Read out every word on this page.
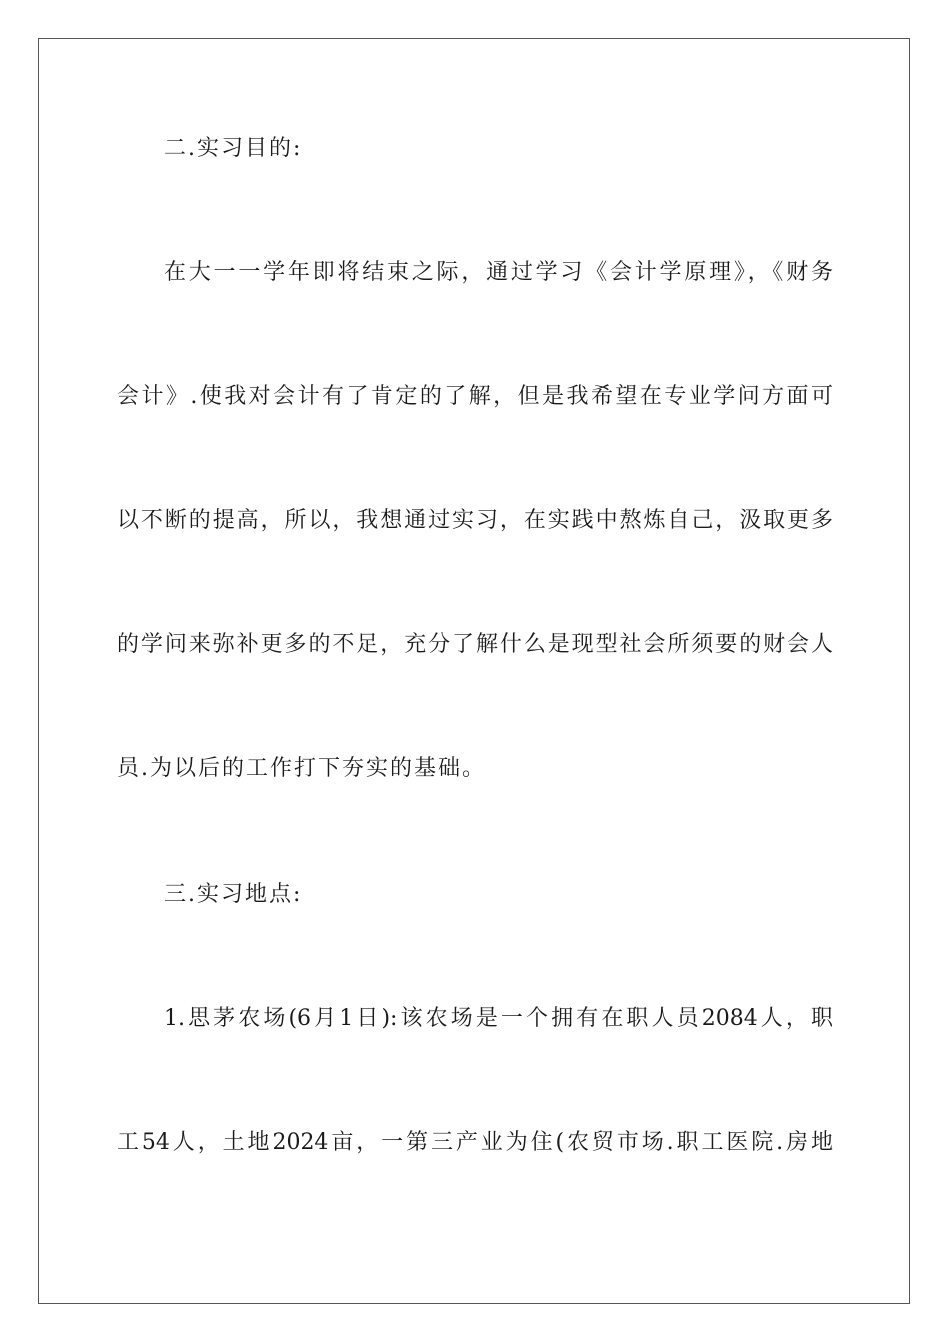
二.实习目的:
在大一一学年即将结束之际，通过学习《会计学原理》，《财务
会计》.使我对会计有了肯定的了解，但是我希望在专业学问方面可
以不断的提高，所以，我想通过实习，在实践中熬炼自己，汲取更多
的学问来弥补更多的不足，充分了解什么是现型社会所须要的财会人
员.为以后的工作打下夯实的基础。
三.实习地点:
1.思茅农场(6月1日):该农场是一个拥有在职人员2084人，职
工54人，土地2024亩，一第三产业为住(农贸市场.职工医院.房地
